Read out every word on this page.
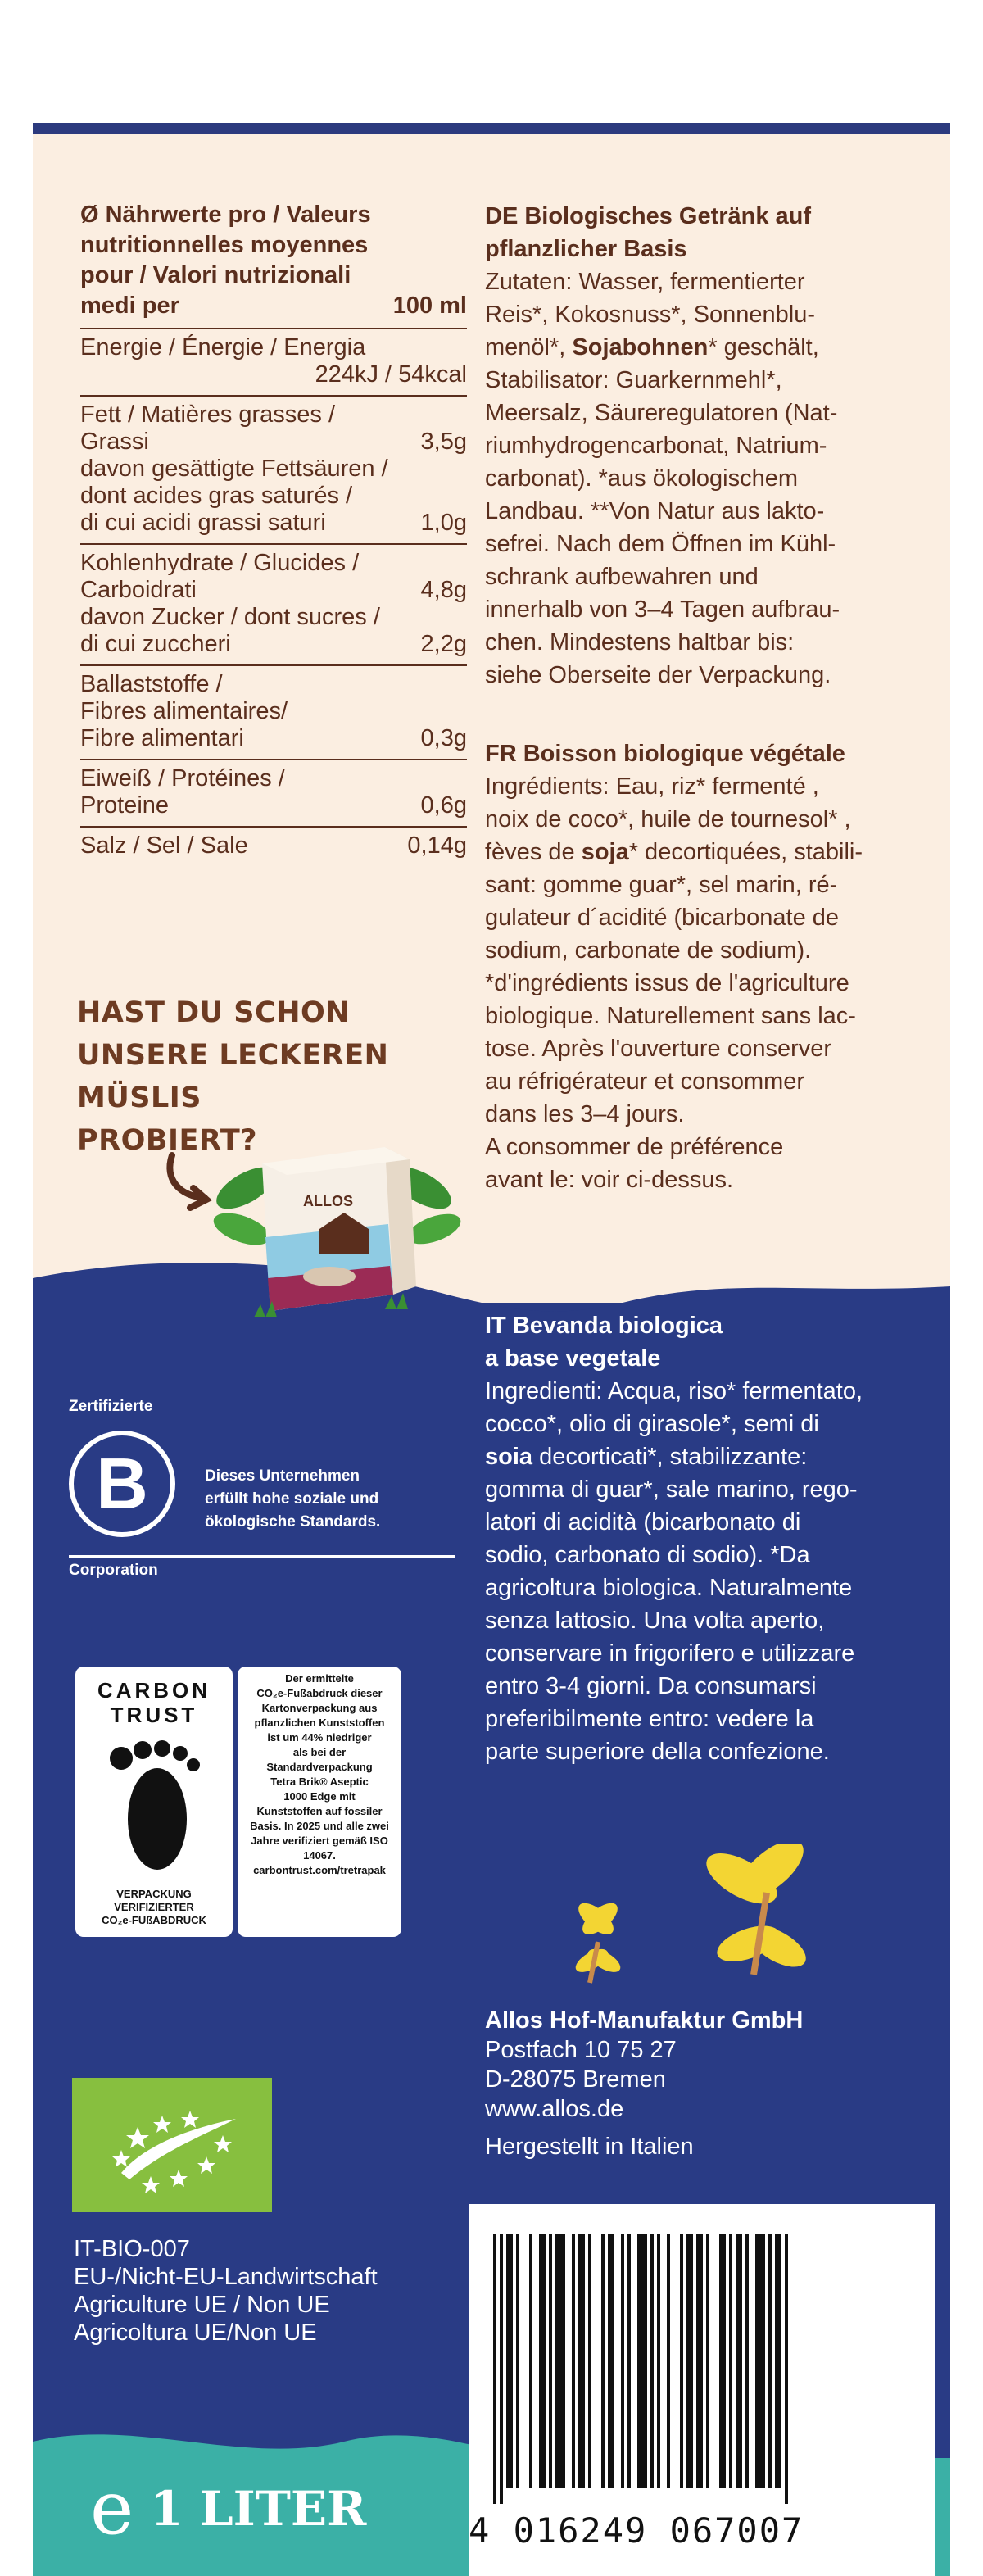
Ø Nährwerte pro / Valeurs
nutritionnelles moyennes
pour / Valori nutrizionali
medi per	100 ml
Energie / Énergie / Energia
224kJ / 54kcal
Fett / Matières grasses /
Grassi	3,5g
davon gesättigte Fettsäuren /
dont acides gras saturés /
di cui acidi grassi saturi	1,0g
Kohlenhydrate / Glucides /
Carboidrati	4,8g
davon Zucker / dont sucres /
di cui zuccheri	2,2g
Ballaststoffe /
Fibres alimentaires/
Fibre alimentari	0,3g
Eiweiß / Protéines /
Proteine	0,6g
Salz / Sel / Sale	0,14g
HAST DU SCHON
UNSERE LECKEREN MÜSLIS
PROBIERT?
ALLOS
DE Biologisches Getränk auf
pflanzlicher Basis

Zutaten: Wasser, fermentierter

Reis*, Kokosnuss*, Sonnenblu-

menöl*, Sojabohnen* geschält,

Stabilisator: Guarkernmehl*,

Meersalz, Säureregulatoren (Nat-

riumhydrogencarbonat, Natrium-

carbonat). *aus ökologischem

Landbau. **Von Natur aus lakto-

sefrei. Nach dem Öffnen im Kühl-

schrank aufbewahren und

innerhalb von 3–4 Tagen aufbrau-

chen. Mindestens haltbar bis:

siehe Oberseite der Verpackung.

FR Boisson biologique végétale

Ingrédients: Eau, riz* fermenté ,

noix de coco*, huile de tournesol* ,

fèves de soja* decortiquées, stabili-

sant: gomme guar*, sel marin, ré-

gulateur d´acidité (bicarbonate de

sodium, carbonate de sodium).

*d'ingrédients issus de l'agriculture

biologique. Naturellement sans lac-

tose. Après l'ouverture conserver

au réfrigérateur et consommer

dans les 3–4 jours.

A consommer de préférence

avant le: voir ci-dessus.

IT Bevanda biologica
a base vegetale

Ingredienti: Acqua, riso* fermentato,

cocco*, olio di girasole*, semi di

soia decorticati*, stabilizzante:

gomma di guar*, sale marino, rego-

latori di acidità (bicarbonato di

sodio, carbonato di sodio). *Da

agricoltura biologica. Naturalmente

senza lattosio. Una volta aperto,

conservare in frigorifero e utilizzare

entro 3-4 giorni. Da consumarsi

preferibilmente entro: vedere la

parte superiore della confezione.

Zertifizierte
B	Dieses Unternehmen
erfüllt hohe soziale und
ökologische Standards.
Corporation
CARBON
TRUST
VERPACKUNG
VERIFIZIERTER
CO₂e-FUßABDRUCK
Der ermittelte
CO₂e-Fußabdruck dieser
Kartonverpackung aus
pflanzlichen Kunststoffen
ist um 44% niedriger
als bei der
Standardverpackung
Tetra Brik® Aseptic
1000 Edge mit
Kunststoffen auf fossiler
Basis. In 2025 und alle zwei
Jahre verifiziert gemäß ISO
14067.
carbontrust.com/tretrapak
IT-BIO-007
EU-/Nicht-EU-Landwirtschaft
Agriculture UE / Non UE
Agricoltura UE/Non UE
Allos Hof-Manufaktur GmbH
Postfach 10 75 27
D-28075 Bremen
www.allos.de
Hergestellt in Italien
4 016249 067007
e 1 LITER
